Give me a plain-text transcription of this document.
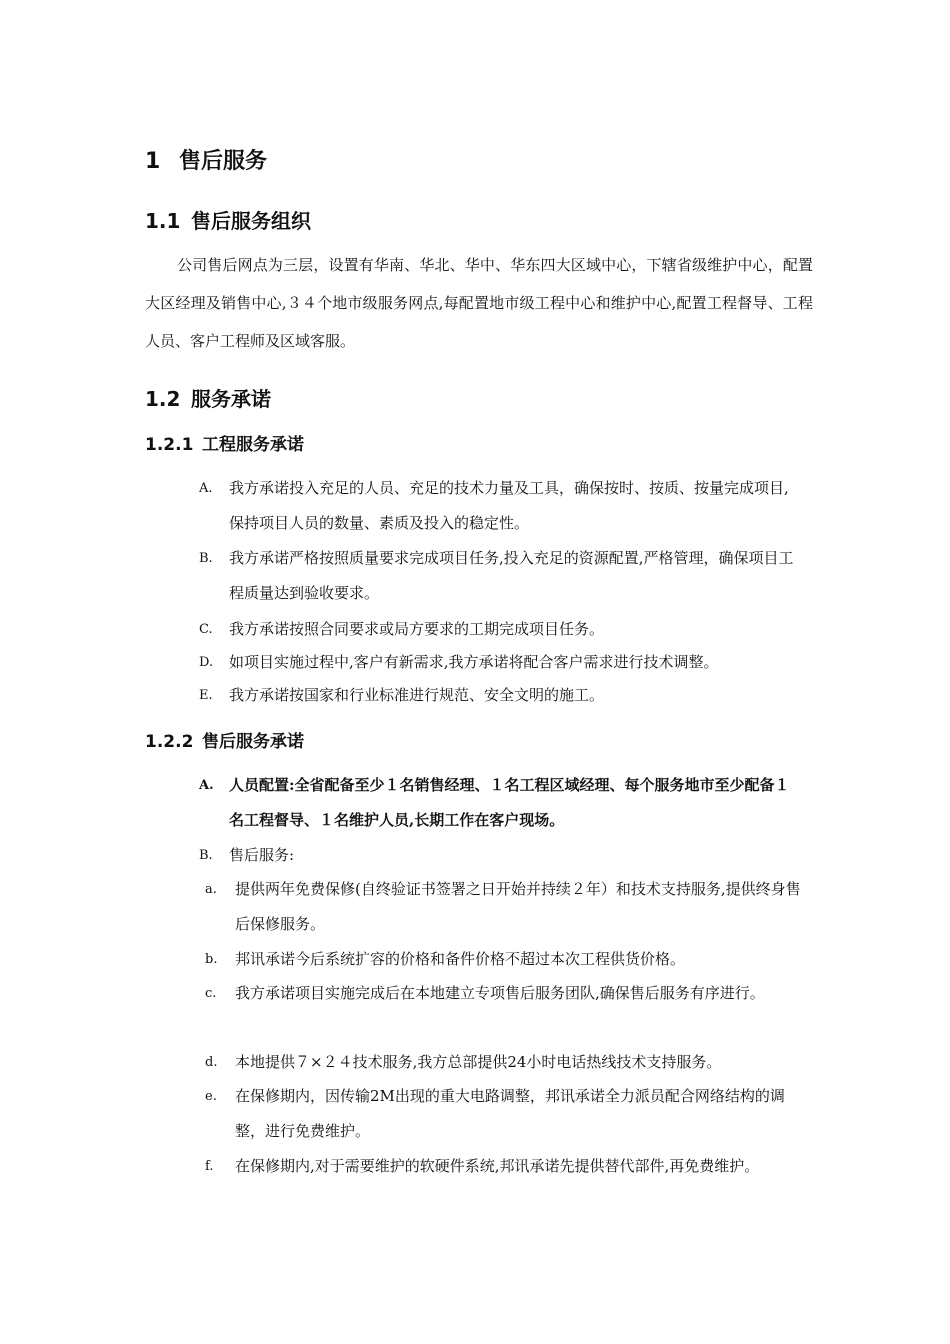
1 售后服务
1.1 售后服务组织

公司售后网点为三层，设置有华南、华北、华中、华东四大区域中心，下辖省级维护中心，配置大区经理及销售中心,３４个地市级服务网点,每配置地市级工程中心和维护中心,配置工程督导、工程人员、客户工程师及区域客服。

1.2 服务承诺
1.2.1 工程服务承诺
A.	我方承诺投入充足的人员、充足的技术力量及工具，确保按时、按质、按量完成项目,保持项目人员的数量、素质及投入的稳定性。
B.	我方承诺严格按照质量要求完成项目任务,投入充足的资源配置,严格管理，确保项目工程质量达到验收要求。
C.	我方承诺按照合同要求或局方要求的工期完成项目任务。
D.	如项目实施过程中,客户有新需求,我方承诺将配合客户需求进行技术调整。
E.	我方承诺按国家和行业标准进行规范、安全文明的施工。
1.2.2 售后服务承诺
A.	人员配置:全省配备至少１名销售经理、１名工程区域经理、每个服务地市至少配备１名工程督导、１名维护人员,长期工作在客户现场。
B.	售后服务:
a.	提供两年免费保修(自终验证书签署之日开始并持续２年）和技术支持服务,提供终身售后保修服务。
b.	邦讯承诺今后系统扩容的价格和备件价格不超过本次工程供货价格。
c.	我方承诺项目实施完成后在本地建立专项售后服务团队,确保售后服务有序进行。
d.	本地提供７×２４技术服务,我方总部提供24小时电话热线技术支持服务。
e.	在保修期内，因传输2M出现的重大电路调整，邦讯承诺全力派员配合网络结构的调整，进行免费维护。
f.	在保修期内,对于需要维护的软硬件系统,邦讯承诺先提供替代部件,再免费维护。
